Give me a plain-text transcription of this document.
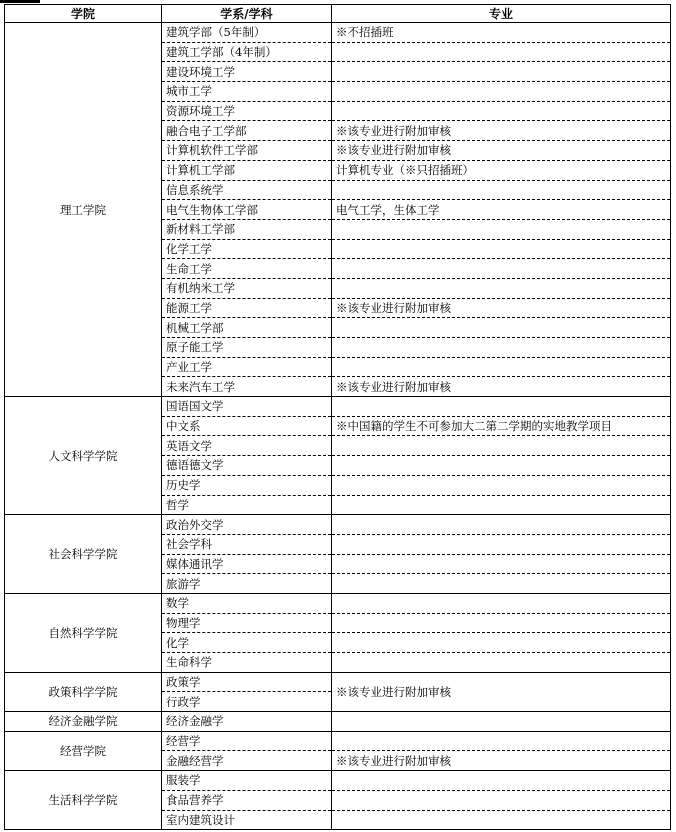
学院	学系/学科	专业
理工学院	建筑学部（5年制）	※不招插班
	建筑工学部（4年制）	
	建设环境工学	
	城市工学	
	资源环境工学	
	融合电子工学部	※该专业进行附加审核
	计算机软件工学部	※该专业进行附加审核
	计算机工学部	计算机专业（※只招插班）
	信息系统学	
	电气生物体工学部	电气工学，生体工学
	新材料工学部	
	化学工学	
	生命工学	
	有机纳米工学	
	能源工学	※该专业进行附加审核
	机械工学部	
	原子能工学	
	产业工学	
	未来汽车工学	※该专业进行附加审核
人文科学学院	国语国文学	
	中文系	※中国籍的学生不可参加大二第二学期的实地教学项目
	英语文学	
	德语德文学	
	历史学	
	哲学	
社会科学学院	政治外交学	
	社会学科	
	媒体通讯学	
	旅游学	
自然科学学院	数学	
	物理学	
	化学	
	生命科学	
政策科学学院	政策学	※该专业进行附加审核
	行政学	
经济金融学院	经济金融学	
经营学院	经营学	
	金融经营学	※该专业进行附加审核
生活科学学院	服装学	
	食品营养学	
	室内建筑设计	
